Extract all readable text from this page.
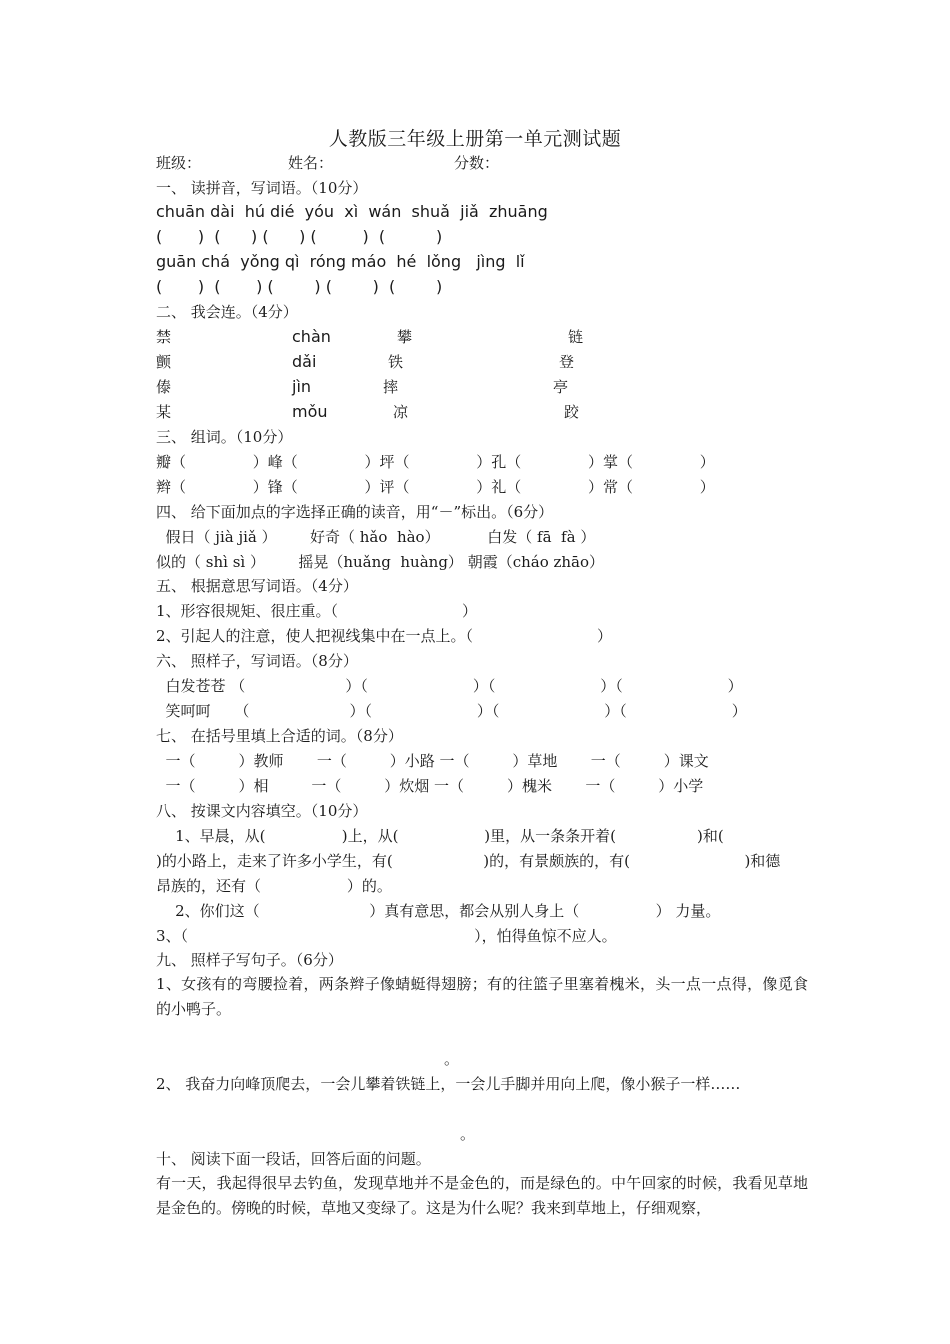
人教版三年级上册第一单元测试题
班级：	姓名：	分数：
一、 读拼音，写词语。（10分）
chuān dài  hú dié  yóu  xì  wán  shuǎ  jiǎ  zhuāng
(       )  (      ) (      ) (         )  (          )
guān chá  yǒng qì  róng máo  hé  lǒng   jìng  lǐ
(       )  (       ) (        ) (        )  (        )
二、 我会连。（4分）
禁	chàn	攀	链
颤	dǎi	铁	登
傣	jìn	摔	亭
某	mǒu	凉	跤
三、 组词。（10分）
瓣（              ）峰（              ）坪（              ）孔（              ）掌（              ）
辫（              ）锋（              ）评（              ）礼（              ）常（              ）
四、 给下面加点的字选择正确的读音，用“－”标出。（6分）
假日（ jià jiǎ ）       好奇（ hǎo  hào）          白发（ fā  fà ）
似的（ shì sì ）       摇晃（huǎng  huàng） 朝霞（cháo zhāo）
五、 根据意思写词语。（4分）
1、形容很规矩、很庄重。（                          ）
2、引起人的注意，使人把视线集中在一点上。（                          ）
六、 照样子，写词语。（8分）
白发苍苍 （                     ）（                      ）（                      ）（                      ）
笑呵呵     （                     ）（                      ）（                      ）（                      ）
七、 在括号里填上合适的词。（8分）
一（         ）教师       一（         ）小路 一（         ）草地       一（         ）课文
一（         ）相         一（         ）炊烟 一（         ）槐米       一（         ）小学
八、 按课文内容填空。（10分）
1、早晨，从(                )上，从(                  )里，从一条条开着(                 )和(
)的小路上，走来了许多小学生，有(                   )的，有景颇族的，有(                        )和德
昂族的，还有（                  ）的。
2、你们这（                       ）真有意思，都会从别人身上（                ） 力量。
3、（                                                            ），怕得鱼惊不应人。
九、 照样子写句子。（6分）
1、女孩有的弯腰捡着，两条辫子像蜻蜓得翅膀；有的往篮子里塞着槐米，头一点一点得，像觅食的小鸭子。
。
2、 我奋力向峰顶爬去，一会儿攀着铁链上，一会儿手脚并用向上爬，像小猴子一样……
。
十、 阅读下面一段话，回答后面的问题。
有一天，我起得很早去钓鱼，发现草地并不是金色的，而是绿色的。中午回家的时候，我看见草地是金色的。傍晚的时候，草地又变绿了。这是为什么呢？我来到草地上，仔细观察，
